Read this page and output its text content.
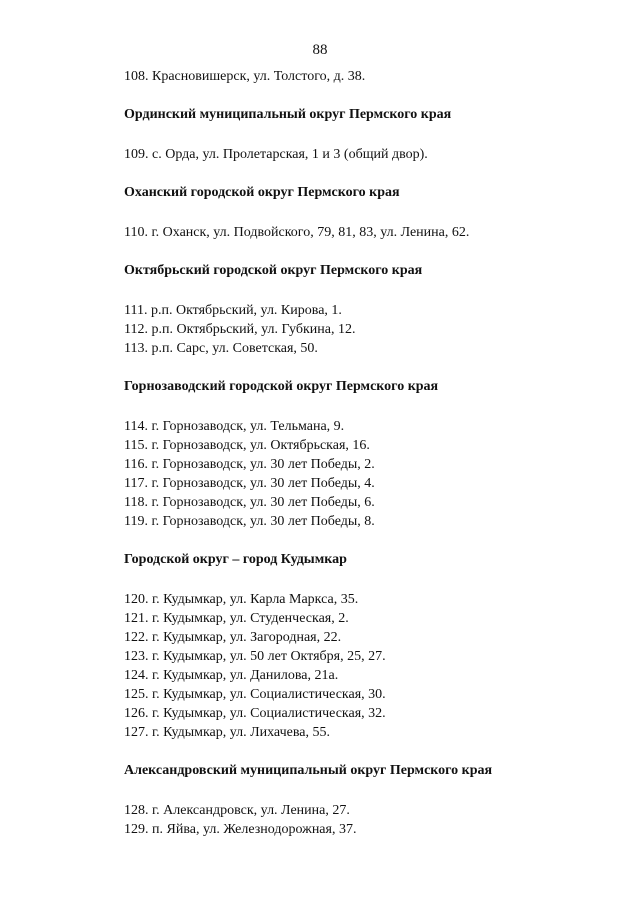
88
108. Красновишерск, ул. Толстого, д. 38.
Ординский муниципальный округ Пермского края
109. с. Орда, ул. Пролетарская, 1 и 3 (общий двор).
Оханский городской округ Пермского края
110. г. Оханск, ул. Подвойского, 79, 81, 83, ул. Ленина, 62.
Октябрьский городской округ Пермского края
111. р.п. Октябрьский, ул. Кирова, 1.
112. р.п. Октябрьский, ул. Губкина, 12.
113. р.п. Сарс, ул. Советская, 50.
Горнозаводский городской округ Пермского края
114. г. Горнозаводск, ул. Тельмана, 9.
115. г. Горнозаводск, ул. Октябрьская, 16.
116. г. Горнозаводск, ул. 30 лет Победы, 2.
117. г. Горнозаводск, ул. 30 лет Победы, 4.
118. г. Горнозаводск, ул. 30 лет Победы, 6.
119. г. Горнозаводск, ул. 30 лет Победы, 8.
Городской округ – город Кудымкар
120. г. Кудымкар, ул. Карла Маркса, 35.
121. г. Кудымкар, ул. Студенческая, 2.
122. г. Кудымкар, ул. Загородная, 22.
123. г. Кудымкар, ул. 50 лет Октября, 25, 27.
124. г. Кудымкар, ул. Данилова, 21а.
125. г. Кудымкар, ул. Социалистическая, 30.
126. г. Кудымкар, ул. Социалистическая, 32.
127. г. Кудымкар, ул. Лихачева, 55.
Александровский муниципальный округ Пермского края
128. г. Александровск, ул. Ленина, 27.
129. п. Яйва, ул. Железнодорожная, 37.
